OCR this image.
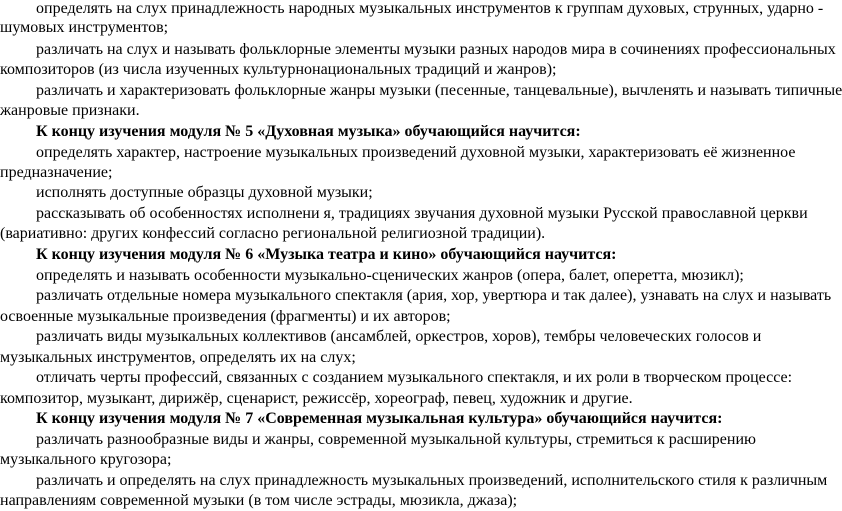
определять на слух принадлежность народных музыкальных инструментов к группам духовых, струнных, ударно -
шумовых инструментов;
различать на слух и называть фольклорные элементы музыки разных народов мира в сочинениях профессиональных
композиторов (из числа изученных культурнонациональных традиций и жанров);
различать и характеризовать фольклорные жанры музыки (песенные, танцевальные), вычленять и называть типичные
жанровые признаки.
К концу изучения модуля № 5 «Духовная музыка» обучающийся научится:
определять характер, настроение музыкальных произведений духовной музыки, характеризовать её жизненное
предназначение;
исполнять доступные образцы духовной музыки;
рассказывать об особенностях исполнени я, традициях звучания духовной музыки Русской православной церкви
(вариативно: других конфессий согласно региональной религиозной традиции).
К концу изучения модуля № 6 «Музыка театра и кино» обучающийся научится:
определять и называть особенности музыкально-сценических жанров (опера, балет, оперетта, мюзикл);
различать отдельные номера музыкального спектакля (ария, хор, увертюра и так далее), узнавать на слух и называть
освоенные музыкальные произведения (фрагменты) и их авторов;
различать виды музыкальных коллективов (ансамблей, оркестров, хоров), тембры человеческих голосов и
музыкальных инструментов, определять их на слух;
отличать черты профессий, связанных с созданием музыкального спектакля, и их роли в творческом процессе:
композитор, музыкант, дирижёр, сценарист, режиссёр, хореограф, певец, художник и другие.
К концу изучения модуля № 7 «Современная музыкальная культура» обучающийся научится:
различать разнообразные виды и жанры, современной музыкальной культуры, стремиться к расширению
музыкального кругозора;
различать и определять на слух принадлежность музыкальных произведений, исполнительского стиля к различным
направлениям современной музыки (в том числе эстрады, мюзикла, джаза);
